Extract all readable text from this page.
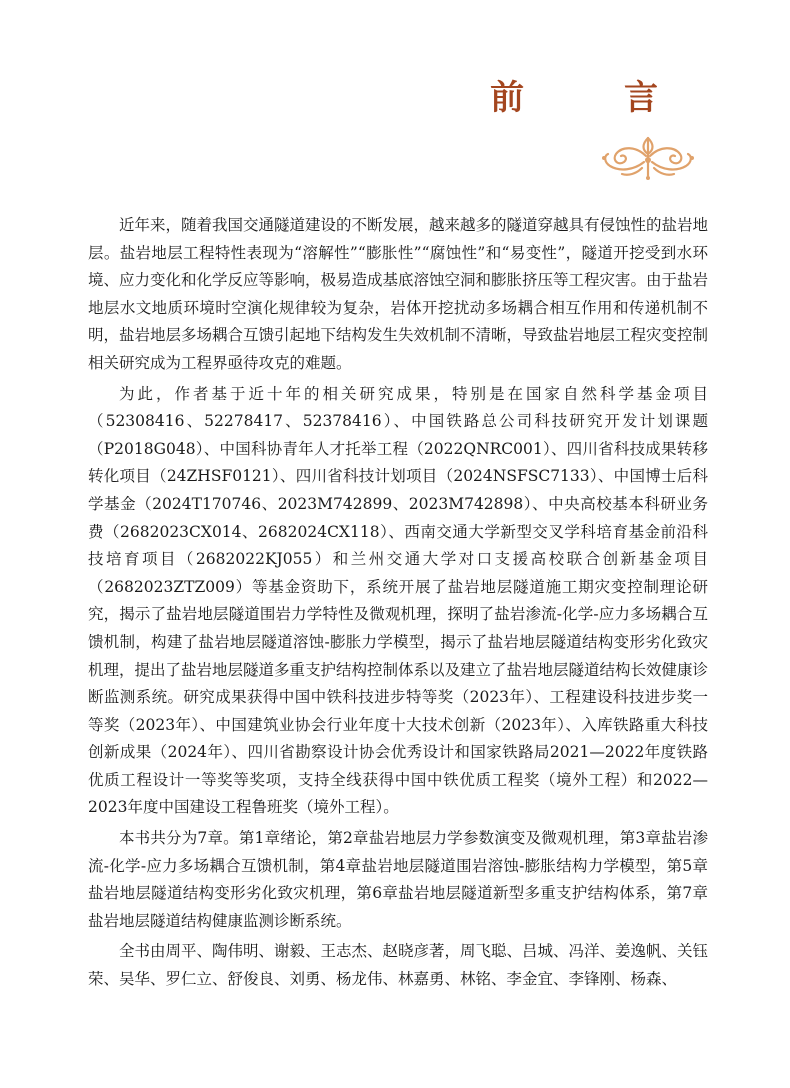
前 言

近年来，随着我国交通隧道建设的不断发展，越来越多的隧道穿越具有侵蚀性的盐岩地层。盐岩地层工程特性表现为“溶解性”“膨胀性”“腐蚀性”和“易变性”，隧道开挖受到水环境、应力变化和化学反应等影响，极易造成基底溶蚀空洞和膨胀挤压等工程灾害。由于盐岩地层水文地质环境时空演化规律较为复杂，岩体开挖扰动多场耦合相互作用和传递机制不明，盐岩地层多场耦合互馈引起地下结构发生失效机制不清晰，导致盐岩地层工程灾变控制相关研究成为工程界亟待攻克的难题。

为此，作者基于近十年的相关研究成果，特别是在国家自然科学基金项目（52308416、52278417、52378416）、中国铁路总公司科技研究开发计划课题（P2018G048）、中国科协青年人才托举工程（2022QNRC001）、四川省科技成果转移转化项目（24ZHSF0121）、四川省科技计划项目（2024NSFSC7133）、中国博士后科学基金（2024T170746、2023M742899、2023M742898）、中央高校基本科研业务费（2682023CX014、2682024CX118）、西南交通大学新型交叉学科培育基金前沿科技培育项目（2682022KJ055）和兰州交通大学对口支援高校联合创新基金项目（2682023ZTZ009）等基金资助下，系统开展了盐岩地层隧道施工期灾变控制理论研究，揭示了盐岩地层隧道围岩力学特性及微观机理，探明了盐岩渗流-化学-应力多场耦合互馈机制，构建了盐岩地层隧道溶蚀-膨胀力学模型，揭示了盐岩地层隧道结构变形劣化致灾机理，提出了盐岩地层隧道多重支护结构控制体系以及建立了盐岩地层隧道结构长效健康诊断监测系统。研究成果获得中国中铁科技进步特等奖（2023年）、工程建设科技进步奖一等奖（2023年）、中国建筑业协会行业年度十大技术创新（2023年）、入库铁路重大科技创新成果（2024年）、四川省勘察设计协会优秀设计和国家铁路局2021—2022年度铁路优质工程设计一等奖等奖项，支持全线获得中国中铁优质工程奖（境外工程）和2022—2023年度中国建设工程鲁班奖（境外工程）。

本书共分为7章。第1章绪论，第2章盐岩地层力学参数演变及微观机理，第3章盐岩渗流-化学-应力多场耦合互馈机制，第4章盐岩地层隧道围岩溶蚀-膨胀结构力学模型，第5章盐岩地层隧道结构变形劣化致灾机理，第6章盐岩地层隧道新型多重支护结构体系，第7章盐岩地层隧道结构健康监测诊断系统。

全书由周平、陶伟明、谢毅、王志杰、赵晓彦著，周飞聪、吕城、冯洋、姜逸帆、关钰荣、吴华、罗仁立、舒俊良、刘勇、杨龙伟、林嘉勇、林铭、李金宜、李锋刚、杨森、
